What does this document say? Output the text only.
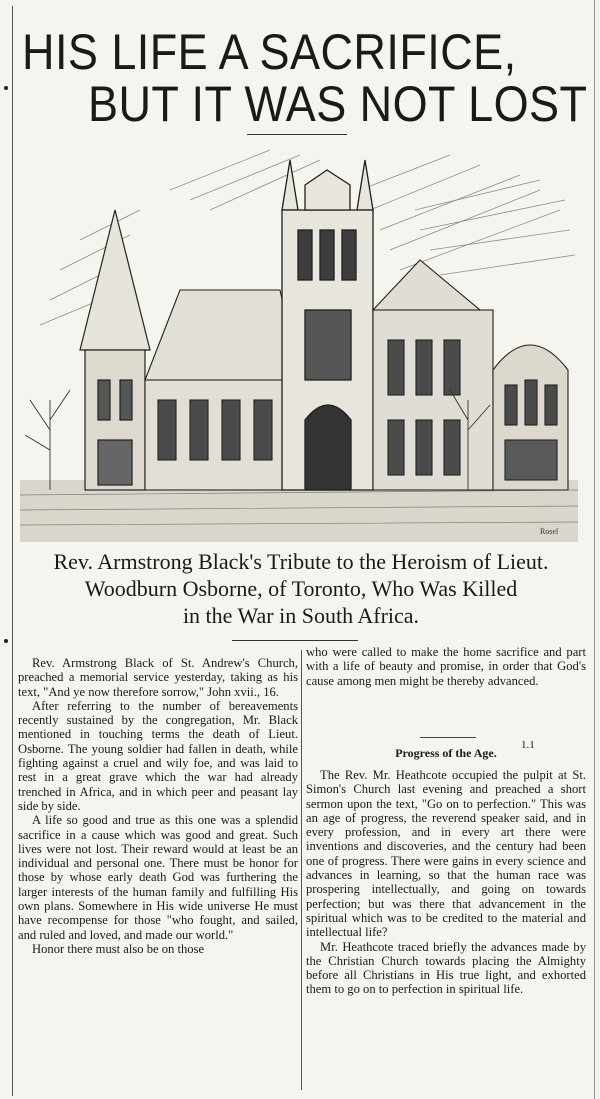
HIS LIFE A SACRIFICE,
BUT IT WAS NOT LOST
Rosel
Rev. Armstrong Black's Tribute to the Heroism of Lieut.
Woodburn Osborne, of Toronto, Who Was Killed
in the War in South Africa.

Rev. Armstrong Black of St. Andrew's Church, preached a memorial service yesterday, taking as his text, "And ye now therefore sorrow," John xvii., 16.

After referring to the number of bereavements recently sustained by the congregation, Mr. Black mentioned in touching terms the death of Lieut. Osborne. The young soldier had fallen in death, while fighting against a cruel and wily foe, and was laid to rest in a great grave which the war had already trenched in Africa, and in which peer and peasant lay side by side.

A life so good and true as this one was a splendid sacrifice in a cause which was good and great. Such lives were not lost. Their reward would at least be an individual and personal one. There must be honor for those by whose early death God was furthering the larger interests of the human family and fulfilling His own plans. Somewhere in His wide universe He must have recompense for those "who fought, and sailed, and ruled and loved, and made our world."

Honor there must also be on those

who were called to make the home sacrifice and part with a life of beauty and promise, in order that God's cause among men might be thereby advanced.

1.1
Progress of the Age.

The Rev. Mr. Heathcote occupied the pulpit at St. Simon's Church last evening and preached a short sermon upon the text, "Go on to perfection." This was an age of progress, the reverend speaker said, and in every profession, and in every art there were inventions and discoveries, and the century had been one of progress. There were gains in every science and advances in learning, so that the human race was prospering intellectually, and going on towards perfection; but was there that advancement in the spiritual which was to be credited to the material and intellectual life?

Mr. Heathcote traced briefly the advances made by the Christian Church towards placing the Almighty before all Christians in His true light, and exhorted them to go on to perfection in spiritual life.
